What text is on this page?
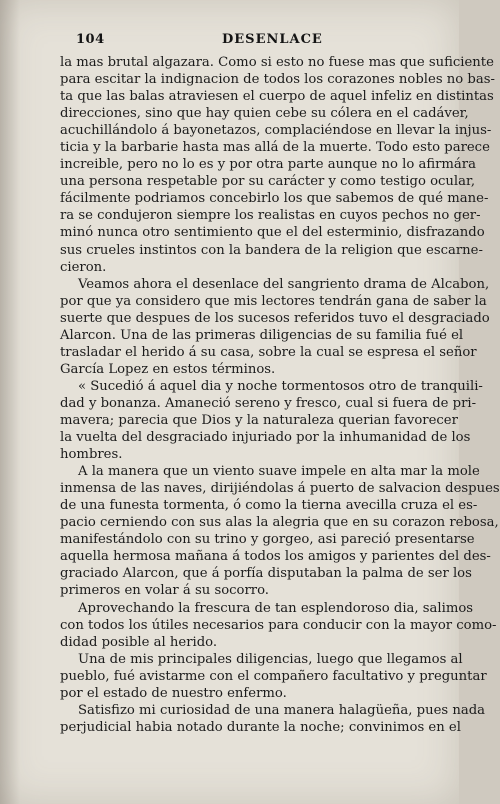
104	DESENLACE
la mas brutal algazara. Como si esto no fuese mas que suficiente
para escitar la indignacion de todos los corazones nobles no bas-
ta que las balas atraviesen el cuerpo de aquel infeliz en distintas
direcciones, sino que hay quien cebe su cólera en el cadáver,
acuchillándolo á bayonetazos, complaciéndose en llevar la injus-
ticia y la barbarie hasta mas allá de la muerte. Todo esto parece
increible, pero no lo es y por otra parte aunque no lo afirmára
una persona respetable por su carácter y como testigo ocular,
fácilmente podriamos concebirlo los que sabemos de qué mane-
ra se condujeron siempre los realistas en cuyos pechos no ger-
minó nunca otro sentimiento que el del esterminio, disfrazando
sus crueles instintos con la bandera de la religion que escarne-
cieron.
Veamos ahora el desenlace del sangriento drama de Alcabon,
por que ya considero que mis lectores tendrán gana de saber la
suerte que despues de los sucesos referidos tuvo el desgraciado
Alarcon. Una de las primeras diligencias de su familia fué el
trasladar el herido á su casa, sobre la cual se espresa el señor
García Lopez en estos términos.
« Sucedió á aquel dia y noche tormentosos otro de tranquili-
dad y bonanza. Amaneció sereno y fresco, cual si fuera de pri-
mavera; parecia que Dios y la naturaleza querian favorecer
la vuelta del desgraciado injuriado por la inhumanidad de los
hombres.
A la manera que un viento suave impele en alta mar la mole
inmensa de las naves, dirijiéndolas á puerto de salvacion despues
de una funesta tormenta, ó como la tierna avecilla cruza el es-
pacio cerniendo con sus alas la alegria que en su corazon rebosa,
manifestándolo con su trino y gorgeo, asi pareció presentarse
aquella hermosa mañana á todos los amigos y parientes del des-
graciado Alarcon, que á porfía disputaban la palma de ser los
primeros en volar á su socorro.
Aprovechando la frescura de tan esplendoroso dia, salimos
con todos los útiles necesarios para conducir con la mayor como-
didad posible al herido.
Una de mis principales diligencias, luego que llegamos al
pueblo, fué avistarme con el compañero facultativo y preguntar
por el estado de nuestro enfermo.
Satisfizo mi curiosidad de una manera halagüeña, pues nada
perjudicial habia notado durante la noche; convinimos en el
